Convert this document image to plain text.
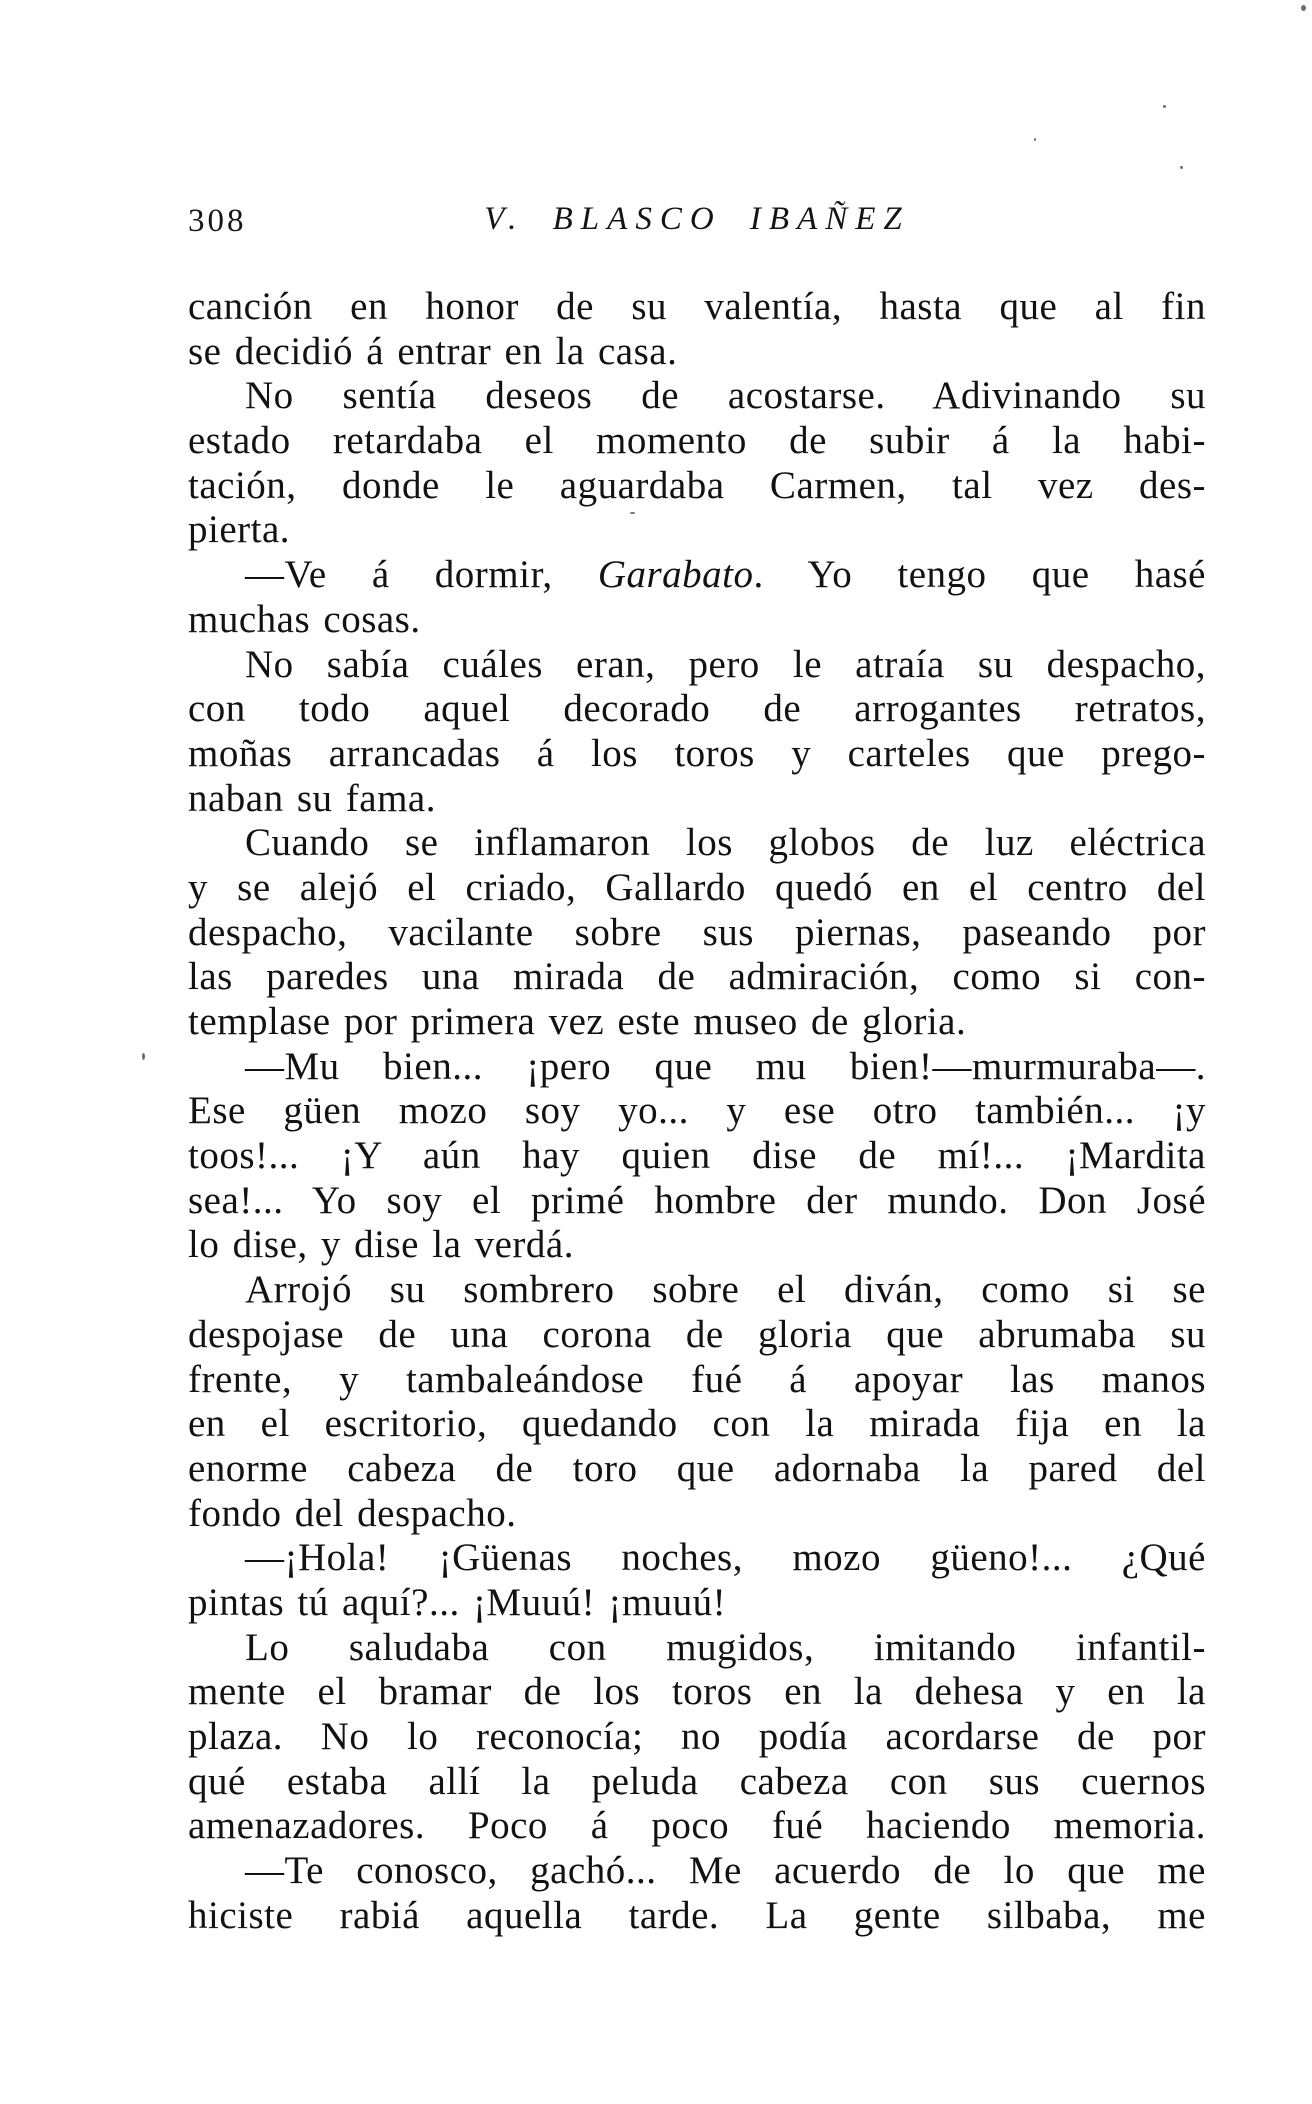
308	V. BLASCO IBAÑEZ
canción en honor de su valentía, hasta que al fin
se decidió á entrar en la casa.
No sentía deseos de acostarse. Adivinando su
estado retardaba el momento de subir á la habi-
tación, donde le aguardaba Carmen, tal vez des-
pierta.
—Ve á dormir, Garabato. Yo tengo que hasé
muchas cosas.
No sabía cuáles eran, pero le atraía su despacho,
con todo aquel decorado de arrogantes retratos,
moñas arrancadas á los toros y carteles que prego-
naban su fama.
Cuando se inflamaron los globos de luz eléctrica
y se alejó el criado, Gallardo quedó en el centro del
despacho, vacilante sobre sus piernas, paseando por
las paredes una mirada de admiración, como si con-
templase por primera vez este museo de gloria.
—Mu bien... ¡pero que mu bien!—murmuraba—.
Ese güen mozo soy yo... y ese otro también... ¡y
toos!... ¡Y aún hay quien dise de mí!... ¡Mardita
sea!... Yo soy el primé hombre der mundo. Don José
lo dise, y dise la verdá.
Arrojó su sombrero sobre el diván, como si se
despojase de una corona de gloria que abrumaba su
frente, y tambaleándose fué á apoyar las manos
en el escritorio, quedando con la mirada fija en la
enorme cabeza de toro que adornaba la pared del
fondo del despacho.
—¡Hola! ¡Güenas noches, mozo güeno!... ¿Qué
pintas tú aquí?... ¡Muuú! ¡muuú!
Lo saludaba con mugidos, imitando infantil-
mente el bramar de los toros en la dehesa y en la
plaza. No lo reconocía; no podía acordarse de por
qué estaba allí la peluda cabeza con sus cuernos
amenazadores. Poco á poco fué haciendo memoria.
—Te conosco, gachó... Me acuerdo de lo que me
hiciste rabiá aquella tarde. La gente silbaba, me
